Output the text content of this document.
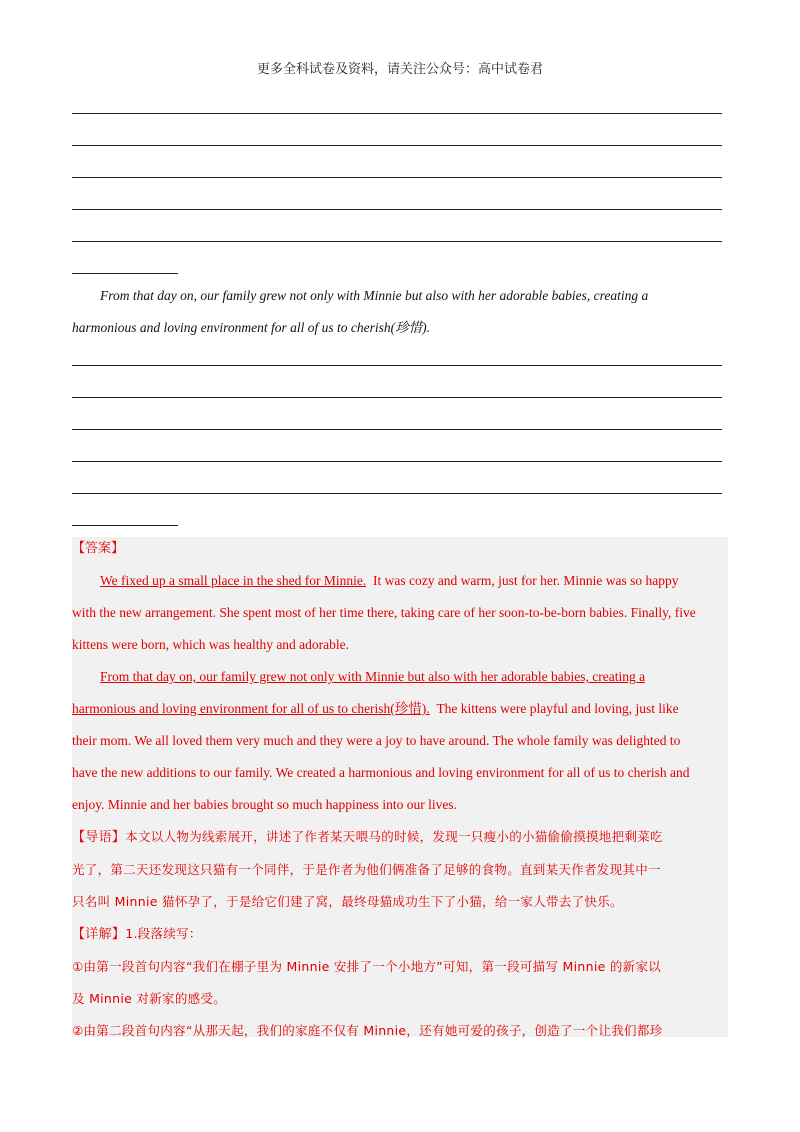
更多全科试卷及资料，请关注公众号：高中试卷君
From that day on, our family grew not only with Minnie but also with her adorable babies, creating a
harmonious and loving environment for all of us to cherish(珍惜).
【答案】
We fixed up a small place in the shed for Minnie. It was cozy and warm, just for her. Minnie was so happy
with the new arrangement. She spent most of her time there, taking care of her soon-to-be-born babies. Finally, five
kittens were born, which was healthy and adorable.
From that day on, our family grew not only with Minnie but also with her adorable babies, creating a
harmonious and loving environment for all of us to cherish(珍惜). The kittens were playful and loving, just like
their mom. We all loved them very much and they were a joy to have around. The whole family was delighted to
have the new additions to our family. We created a harmonious and loving environment for all of us to cherish and
enjoy. Minnie and her babies brought so much happiness into our lives.
【导语】本文以人物为线索展开，讲述了作者某天喂马的时候，发现一只瘦小的小猫偷偷摸摸地把剩菜吃
光了，第二天还发现这只猫有一个同伴，于是作者为他们俩准备了足够的食物。直到某天作者发现其中一
只名叫 Minnie 猫怀孕了，于是给它们建了窝，最终母猫成功生下了小猫，给一家人带去了快乐。
【详解】1.段落续写：
①由第一段首句内容“我们在棚子里为 Minnie 安排了一个小地方”可知，第一段可描写 Minnie 的新家以
及 Minnie 对新家的感受。
②由第二段首句内容“从那天起，我们的家庭不仅有 Minnie，还有她可爱的孩子，创造了一个让我们都珍
